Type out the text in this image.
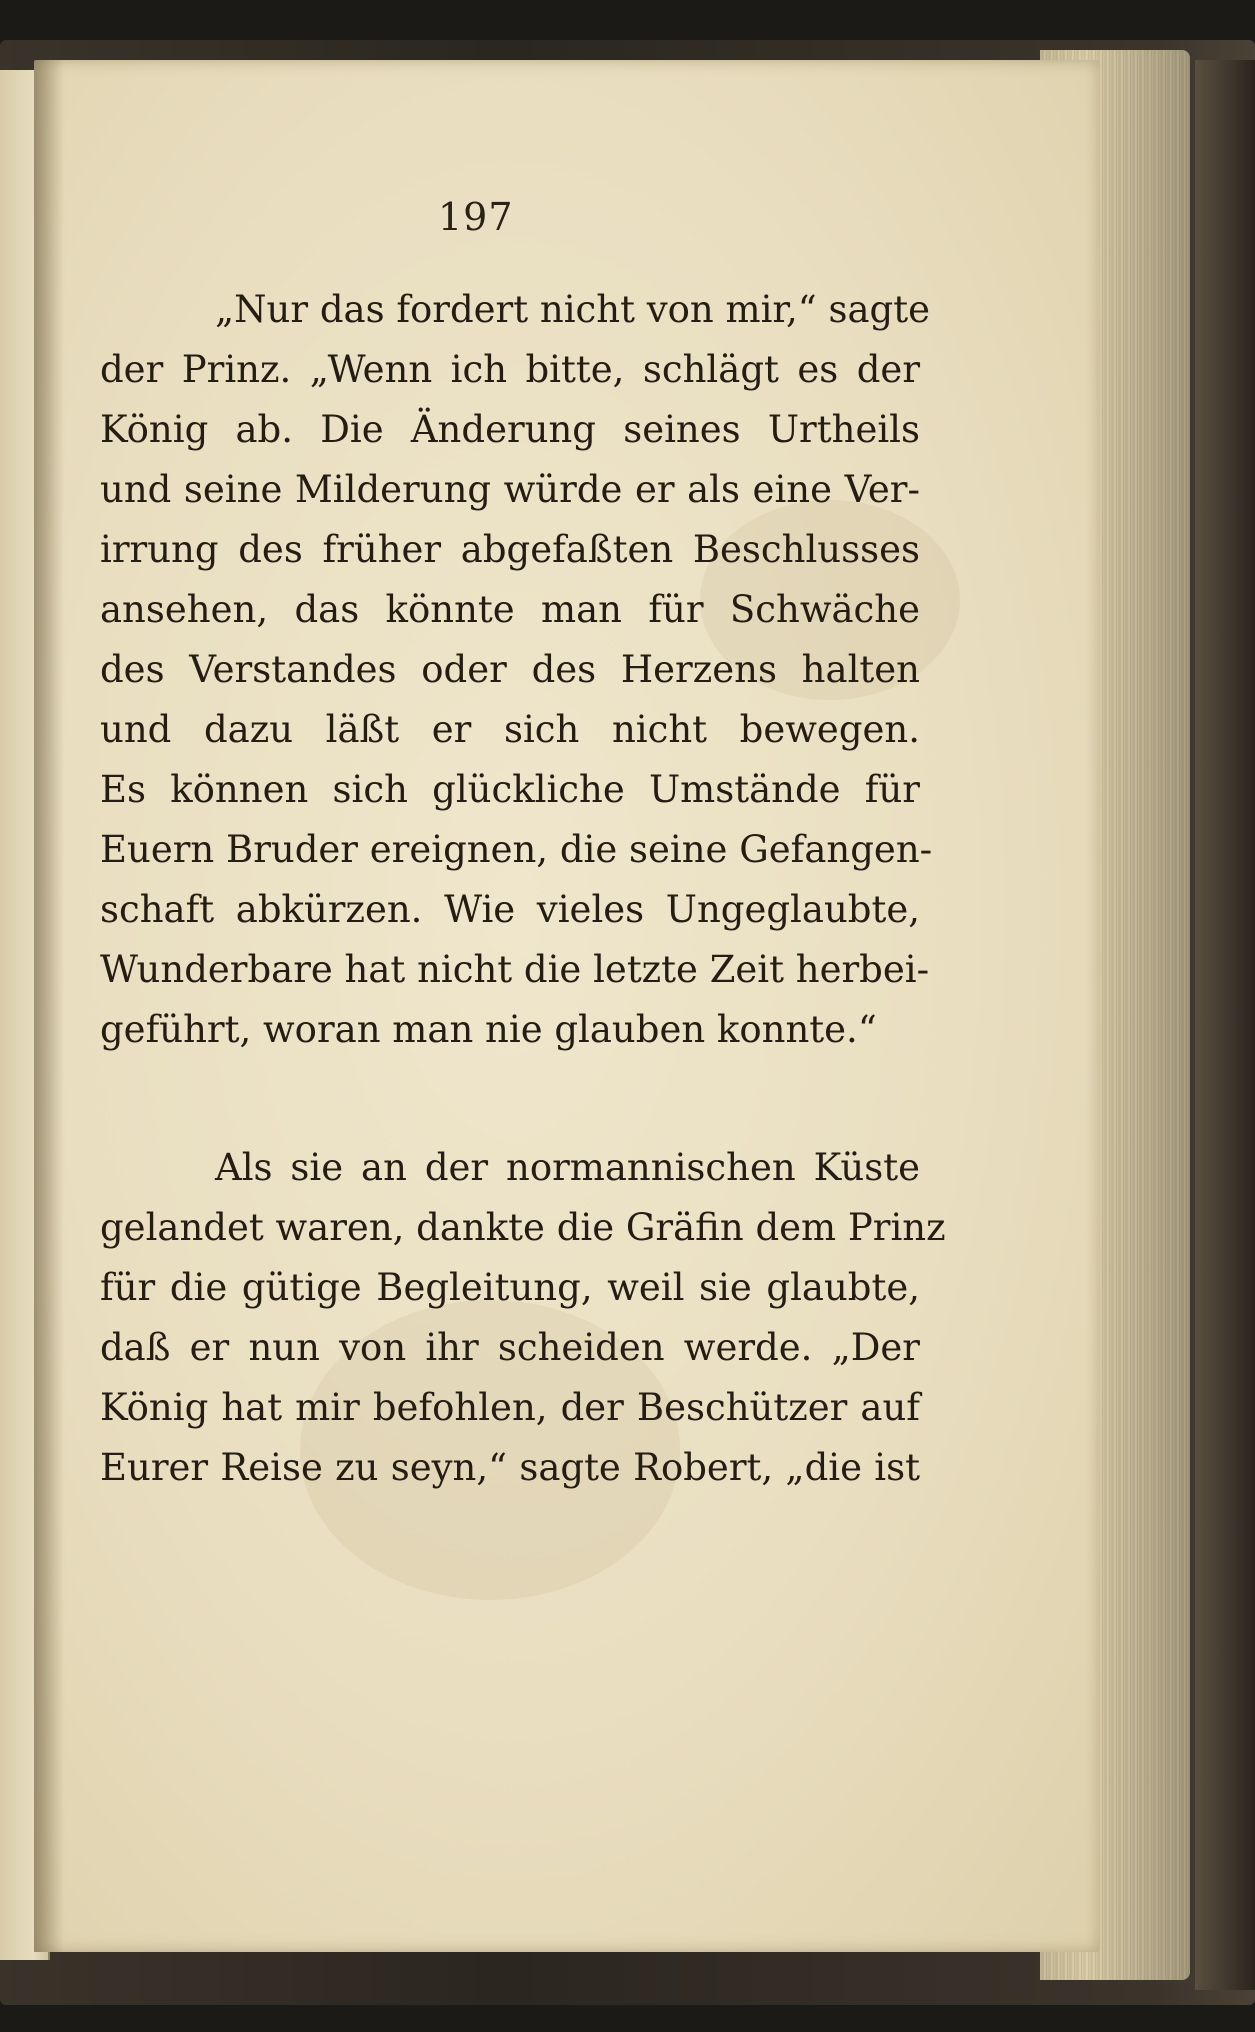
197
„Nur das fordert nicht von mir,“ sagte
der Prinz. „Wenn ich bitte, schlägt es der
König ab. Die Änderung seines Urtheils
und seine Milderung würde er als eine Ver-
irrung des früher abgefaßten Beschlusses
ansehen, das könnte man für Schwäche
des Verstandes oder des Herzens halten
und dazu läßt er sich nicht bewegen.
Es können sich glückliche Umstände für
Euern Bruder ereignen, die seine Gefangen-
schaft abkürzen. Wie vieles Ungeglaubte,
Wunderbare hat nicht die letzte Zeit herbei-
geführt, woran man nie glauben konnte.“
Als sie an der normannischen Küste
gelandet waren, dankte die Gräfin dem Prinz
für die gütige Begleitung, weil sie glaubte,
daß er nun von ihr scheiden werde. „Der
König hat mir befohlen, der Beschützer auf
Eurer Reise zu seyn,“ sagte Robert, „die ist
